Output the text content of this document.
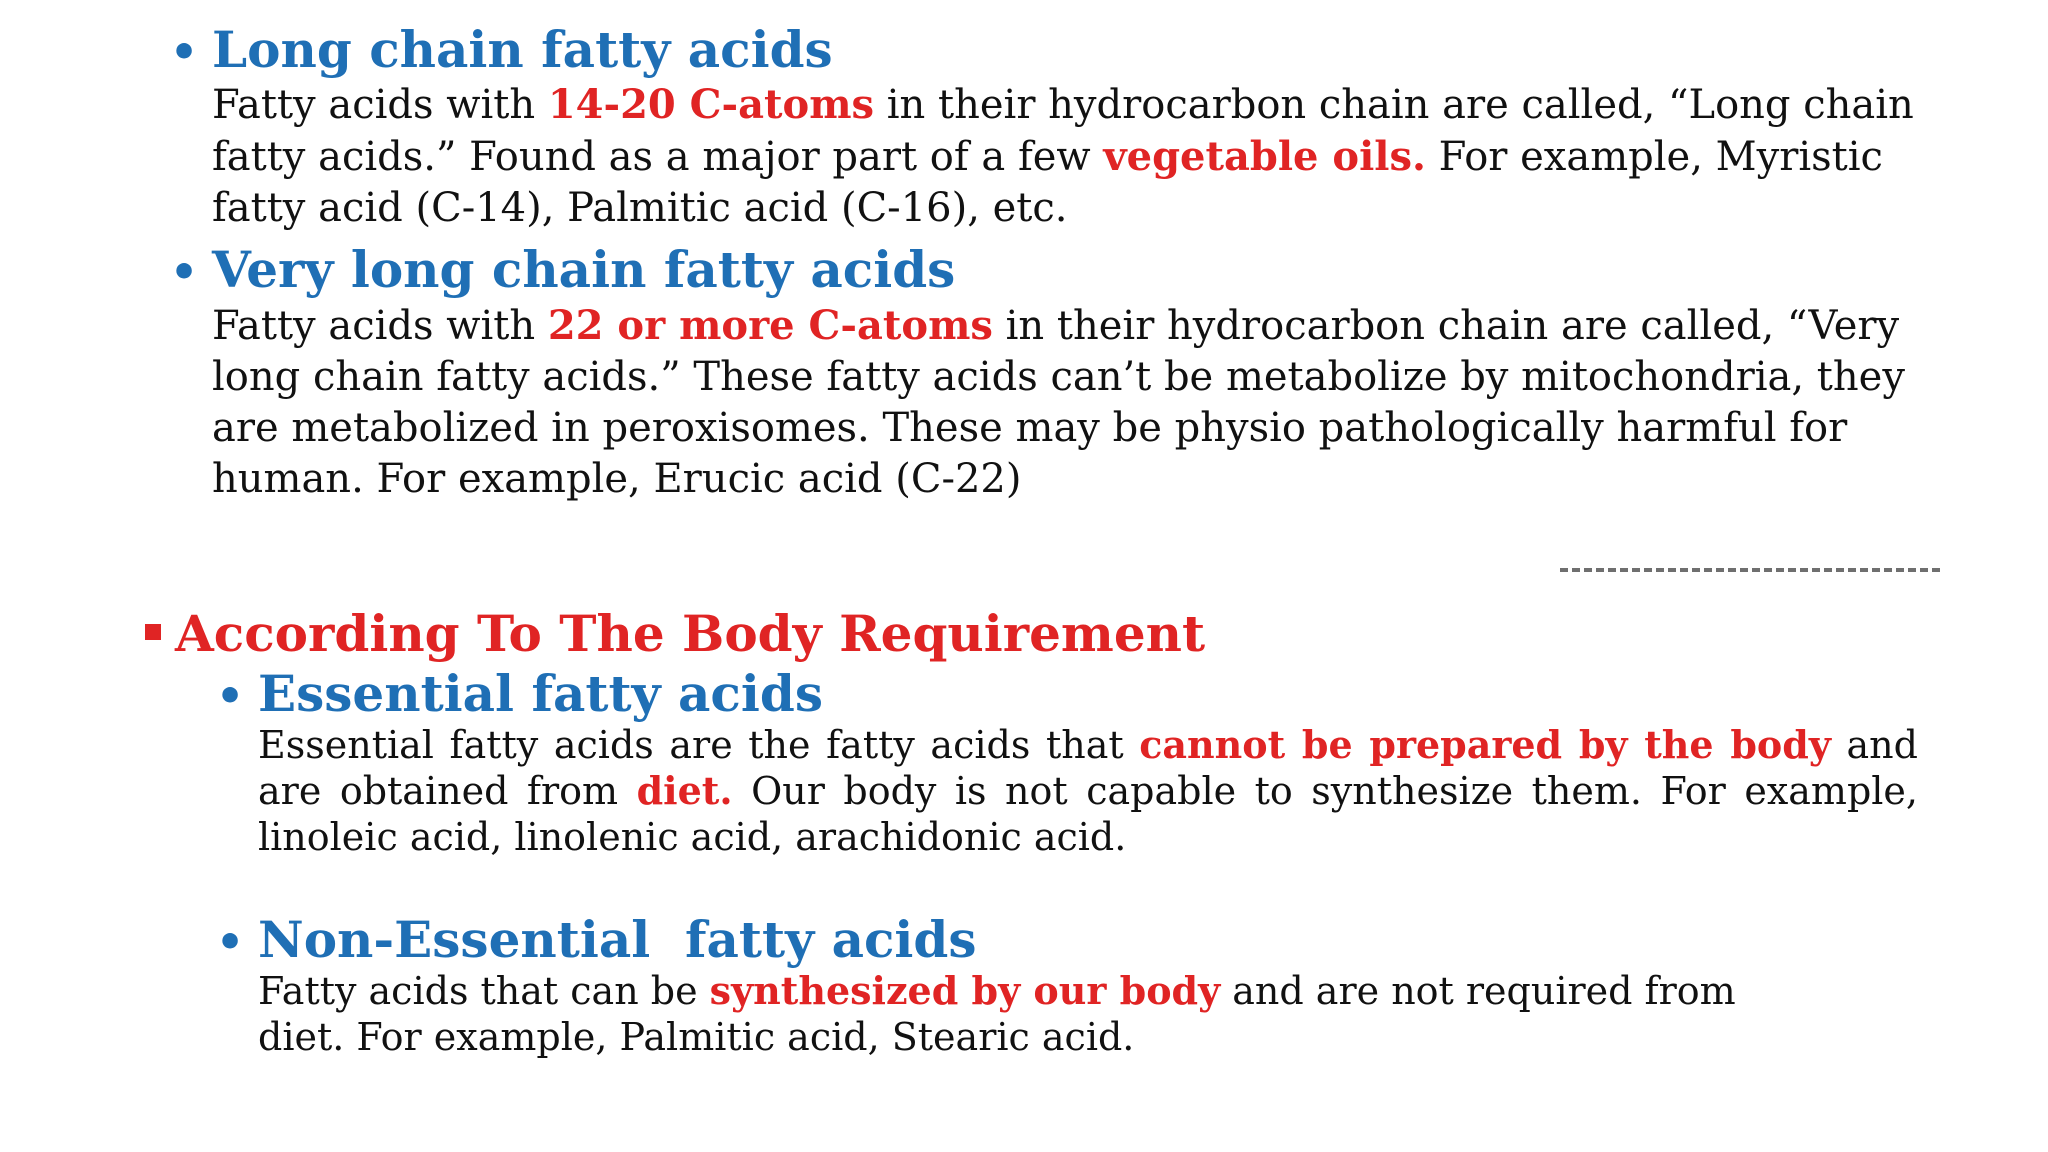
• Long chain fatty acids
Fatty acids with 14-20 C-atoms in their hydrocarbon chain are called, “Long chain fatty acids.” Found as a major part of a few vegetable oils. For example, Myristic fatty acid (C-14), Palmitic acid (C-16), etc.
• Very long chain fatty acids
Fatty acids with 22 or more C-atoms in their hydrocarbon chain are called, “Very long chain fatty acids.” These fatty acids can’t be metabolize by mitochondria, they are metabolized in peroxisomes. These may be physio pathologically harmful for human. For example, Erucic acid (C-22)
According To The Body Requirement
• Essential fatty acids
Essential fatty acids are the fatty acids that cannot be prepared by the body and are obtained from diet. Our body is not capable to synthesize them. For example, linoleic acid, linolenic acid, arachidonic acid.
• Non-Essential  fatty acids
Fatty acids that can be synthesized by our body and are not required from diet. For example, Palmitic acid, Stearic acid.
